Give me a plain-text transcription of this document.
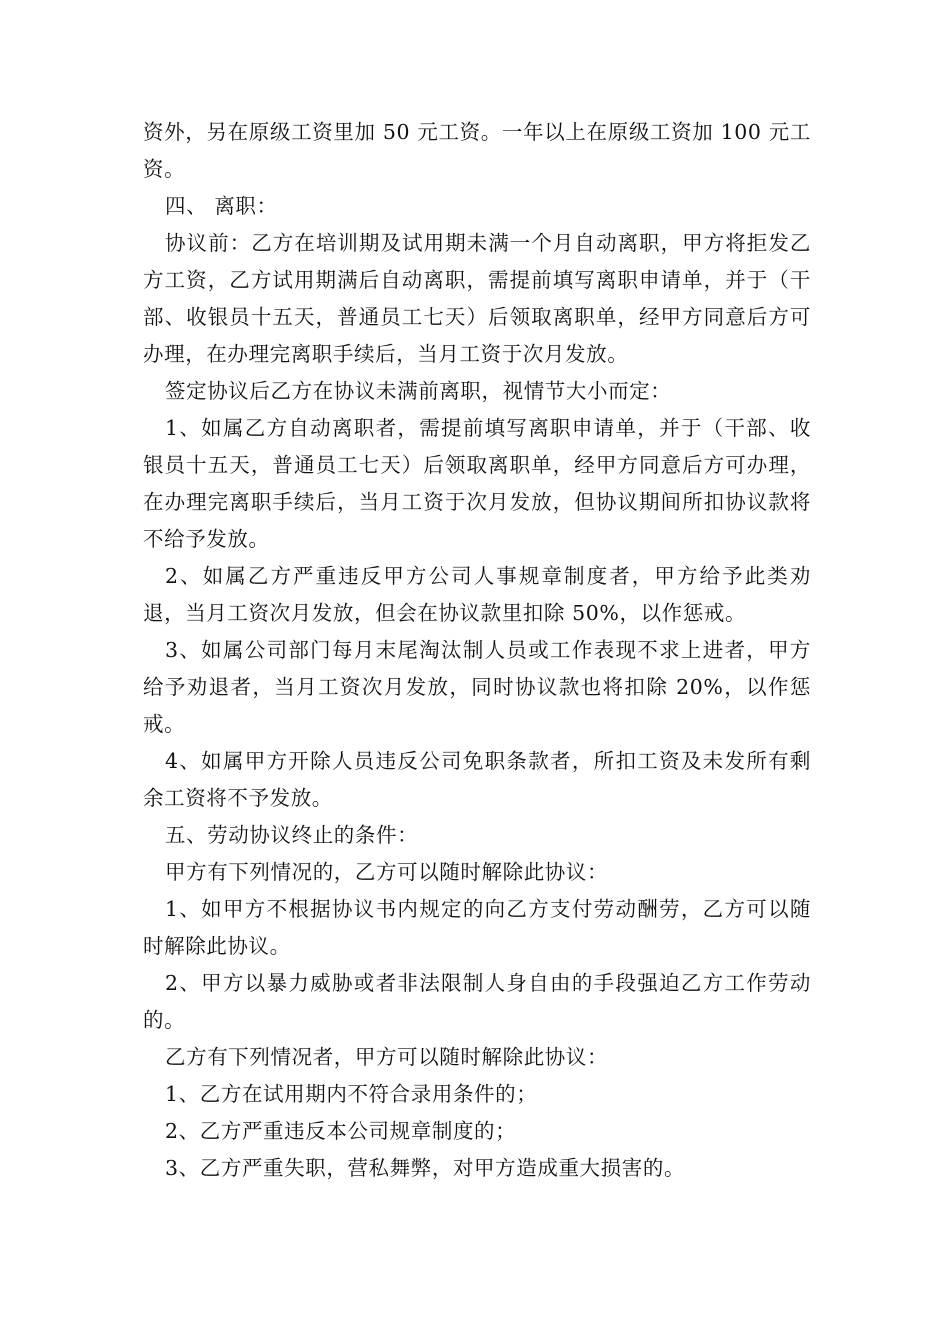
资外，另在原级工资里加 50 元工资。一年以上在原级工资加 100 元工资。

四、 离职：

协议前：乙方在培训期及试用期未满一个月自动离职，甲方将拒发乙方工资，乙方试用期满后自动离职，需提前填写离职申请单，并于（干部、收银员十五天，普通员工七天）后领取离职单，经甲方同意后方可办理，在办理完离职手续后，当月工资于次月发放。

签定协议后乙方在协议未满前离职，视情节大小而定：

1、如属乙方自动离职者，需提前填写离职申请单，并于（干部、收银员十五天，普通员工七天）后领取离职单，经甲方同意后方可办理，在办理完离职手续后，当月工资于次月发放，但协议期间所扣协议款将不给予发放。

2、如属乙方严重违反甲方公司人事规章制度者，甲方给予此类劝退，当月工资次月发放，但会在协议款里扣除 50%，以作惩戒。

3、如属公司部门每月末尾淘汰制人员或工作表现不求上进者，甲方给予劝退者，当月工资次月发放，同时协议款也将扣除 20%，以作惩戒。

4、如属甲方开除人员违反公司免职条款者，所扣工资及未发所有剩余工资将不予发放。

五、劳动协议终止的条件：

甲方有下列情况的，乙方可以随时解除此协议：

1、如甲方不根据协议书内规定的向乙方支付劳动酬劳，乙方可以随时解除此协议。

2、甲方以暴力威胁或者非法限制人身自由的手段强迫乙方工作劳动的。

乙方有下列情况者，甲方可以随时解除此协议：

1、乙方在试用期内不符合录用条件的；

2、乙方严重违反本公司规章制度的；

3、乙方严重失职，营私舞弊，对甲方造成重大损害的。
